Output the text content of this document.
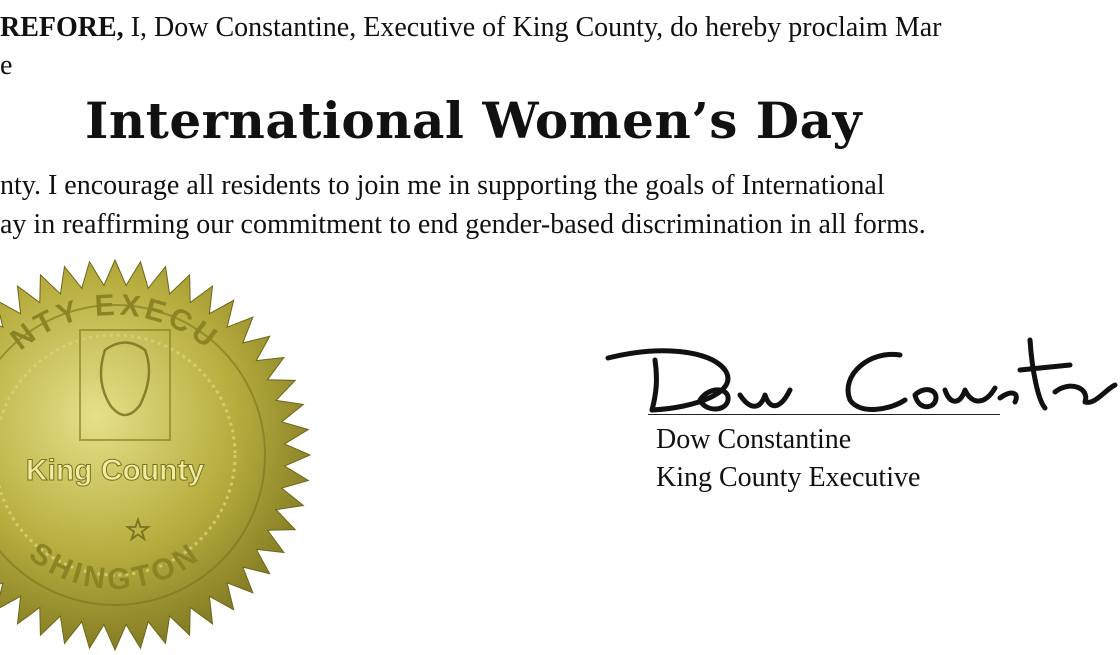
REFORE, I, Dow Constantine, Executive of King County, do hereby proclaim Mar
e
International Women’s Day
nty. I encourage all residents to join me in supporting the goals of International
ay in reaffirming our commitment to end gender-based discrimination in all forms.
NTY EXECU
SHINGTON
King County
☆
Dow Constantine
King County Executive
